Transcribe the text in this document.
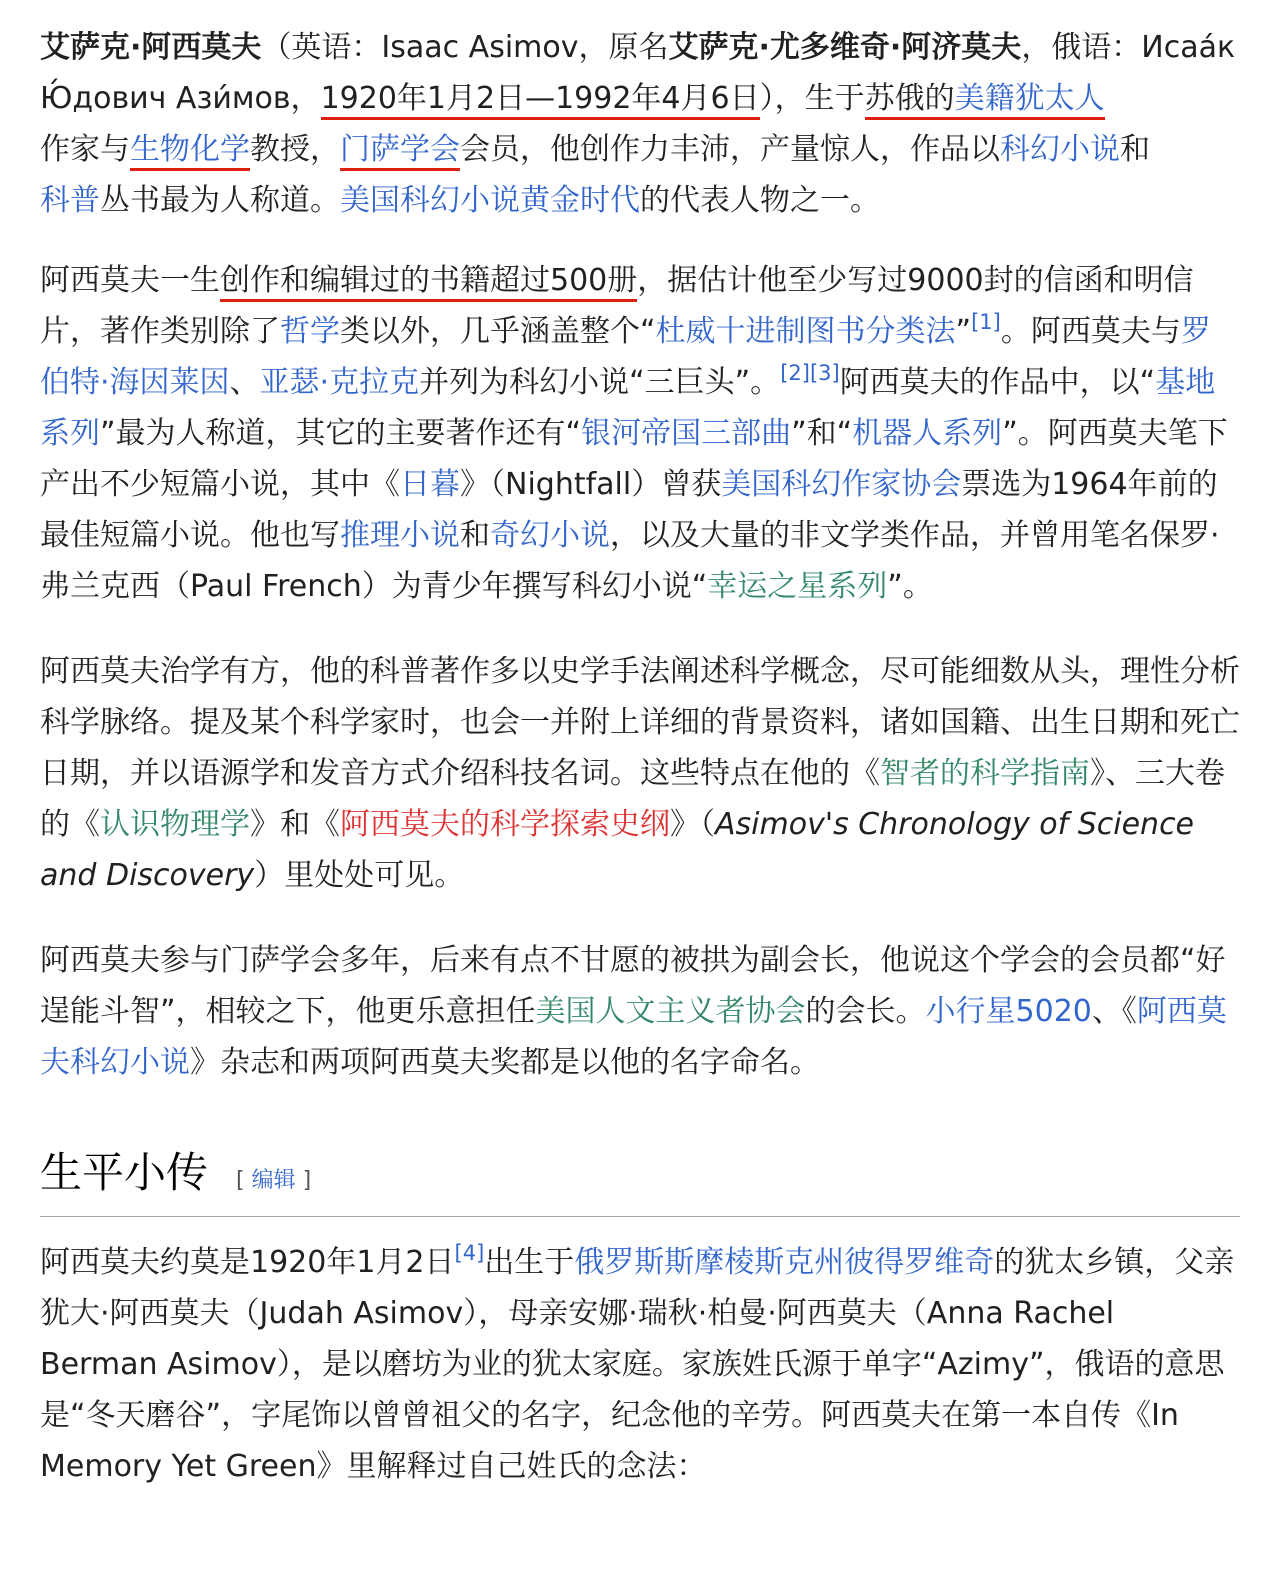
艾萨克·阿西莫夫（英语：Isaac Asimov，原名艾萨克·尤多维奇·阿济莫夫，俄语：Исаа́к Ю́дович Ази́мов，1920年1月2日—1992年4月6日），生于苏俄的美籍犹太人
作家与生物化学教授，门萨学会会员，他创作力丰沛，产量惊人，作品以科幻小说和
科普丛书最为人称道。美国科幻小说黄金时代的代表人物之一。

阿西莫夫一生创作和编辑过的书籍超过500册，据估计他至少写过9000封的信函和明信片，著作类别除了哲学类以外，几乎涵盖整个“杜威十进制图书分类法”[1]。阿西莫夫与罗伯特·海因莱因、亚瑟·克拉克并列为科幻小说“三巨头”。[2][3]阿西莫夫的作品中，以“基地系列”最为人称道，其它的主要著作还有“银河帝国三部曲”和“机器人系列”。阿西莫夫笔下产出不少短篇小说，其中《日暮》（Nightfall）曾获美国科幻作家协会票选为1964年前的最佳短篇小说。他也写推理小说和奇幻小说，以及大量的非文学类作品，并曾用笔名保罗·弗兰克西（Paul French）为青少年撰写科幻小说“幸运之星系列”。

阿西莫夫治学有方，他的科普著作多以史学手法阐述科学概念，尽可能细数从头，理性分析科学脉络。提及某个科学家时，也会一并附上详细的背景资料，诸如国籍、出生日期和死亡日期，并以语源学和发音方式介绍科技名词。这些特点在他的《智者的科学指南》、三大卷的《认识物理学》和《阿西莫夫的科学探索史纲》（Asimov's Chronology of Science and Discovery）里处处可见。

阿西莫夫参与门萨学会多年，后来有点不甘愿的被拱为副会长，他说这个学会的会员都“好逞能斗智”，相较之下，他更乐意担任美国人文主义者协会的会长。小行星5020、《阿西莫夫科幻小说》杂志和两项阿西莫夫奖都是以他的名字命名。

生平小传 [ 编辑 ]

阿西莫夫约莫是1920年1月2日[4]出生于俄罗斯斯摩棱斯克州彼得罗维奇的犹太乡镇，父亲犹大·阿西莫夫（Judah Asimov），母亲安娜·瑞秋·柏曼·阿西莫夫（Anna Rachel Berman Asimov），是以磨坊为业的犹太家庭。家族姓氏源于单字“Azimy”，俄语的意思是“冬天磨谷”，字尾饰以曾曾祖父的名字，纪念他的辛劳。阿西莫夫在第一本自传《In Memory Yet Green》里解释过自己姓氏的念法：
